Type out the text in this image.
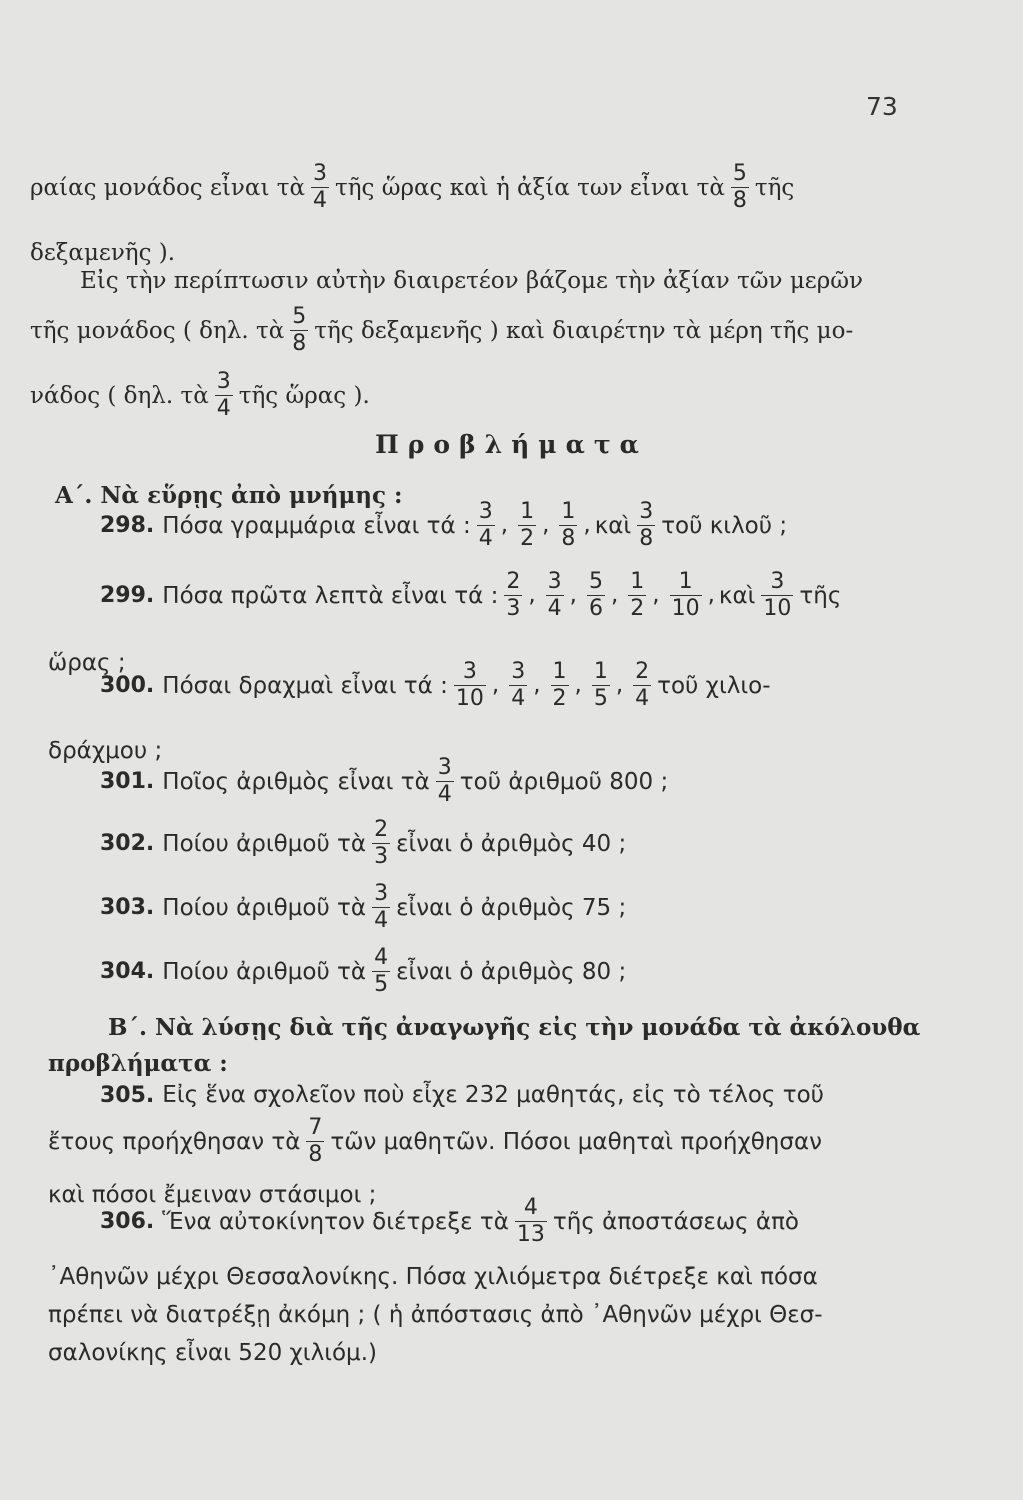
73
ραίας μονάδος εἶναι τὰ $\frac{3}{4}$ τῆς ὥρας καὶ ἡ ἀξία των εἶναι τὰ $\frac{5}{8}$ τῆς
δεξαμενῆς ).
Εἰς τὴν περίπτωσιν αὐτὴν διαιρετέον βάζομε τὴν ἀξίαν τῶν μερῶν
τῆς μονάδος ( δηλ. τὰ $\frac{5}{8}$ τῆς δεξαμενῆς ) καὶ διαιρέτην τὰ μέρη τῆς μο-
νάδος ( δηλ. τὰ $\frac{3}{4}$ τῆς ὥρας ).
Προβλήματα
Α΄. Νὰ εὕρῃς ἀπὸ μνήμης :
298. Πόσα γραμμάρια εἶναι τά : $\frac{3}{4}$ , $\frac{1}{2}$ , $\frac{1}{8}$ , καὶ $\frac{3}{8}$ τοῦ κιλοῦ ;
299. Πόσα πρῶτα λεπτὰ εἶναι τά : $\frac{2}{3}$ , $\frac{3}{4}$ , $\frac{5}{6}$ , $\frac{1}{2}$ , $\frac{1}{10}$ , καὶ $\frac{3}{10}$ τῆς
ὥρας ;
300. Πόσαι δραχμαὶ εἶναι τά : $\frac{3}{10}$ , $\frac{3}{4}$ , $\frac{1}{2}$ , $\frac{1}{5}$ , $\frac{2}{4}$ τοῦ χιλιο-
δράχμου ;
301. Ποῖος ἀριθμὸς εἶναι τὰ $\frac{3}{4}$ τοῦ ἀριθμοῦ 800 ;
302. Ποίου ἀριθμοῦ τὰ $\frac{2}{3}$ εἶναι ὁ ἀριθμὸς 40 ;
303. Ποίου ἀριθμοῦ τὰ $\frac{3}{4}$ εἶναι ὁ ἀριθμὸς 75 ;
304. Ποίου ἀριθμοῦ τὰ $\frac{4}{5}$ εἶναι ὁ ἀριθμὸς 80 ;
Β΄. Νὰ λύσῃς διὰ τῆς ἀναγωγῆς εἰς τὴν μονάδα τὰ ἀκόλουθα
προβλήματα :
305. Εἰς ἕνα σχολεῖον ποὺ εἶχε 232 μαθητάς, εἰς τὸ τέλος τοῦ
ἔτους προήχθησαν τὰ $\frac{7}{8}$ τῶν μαθητῶν. Πόσοι μαθηταὶ προήχθησαν
καὶ πόσοι ἔμειναν στάσιμοι ;
306. Ἕνα αὐτοκίνητον διέτρεξε τὰ $\frac{4}{13}$ τῆς ἀποστάσεως ἀπὸ
᾿Αθηνῶν μέχρι Θεσσαλονίκης. Πόσα χιλιόμετρα διέτρεξε καὶ πόσα
πρέπει νὰ διατρέξῃ ἀκόμη ; ( ἡ ἀπόστασις ἀπὸ ᾿Αθηνῶν μέχρι Θεσ-
σαλονίκης εἶναι 520 χιλιόμ.)
